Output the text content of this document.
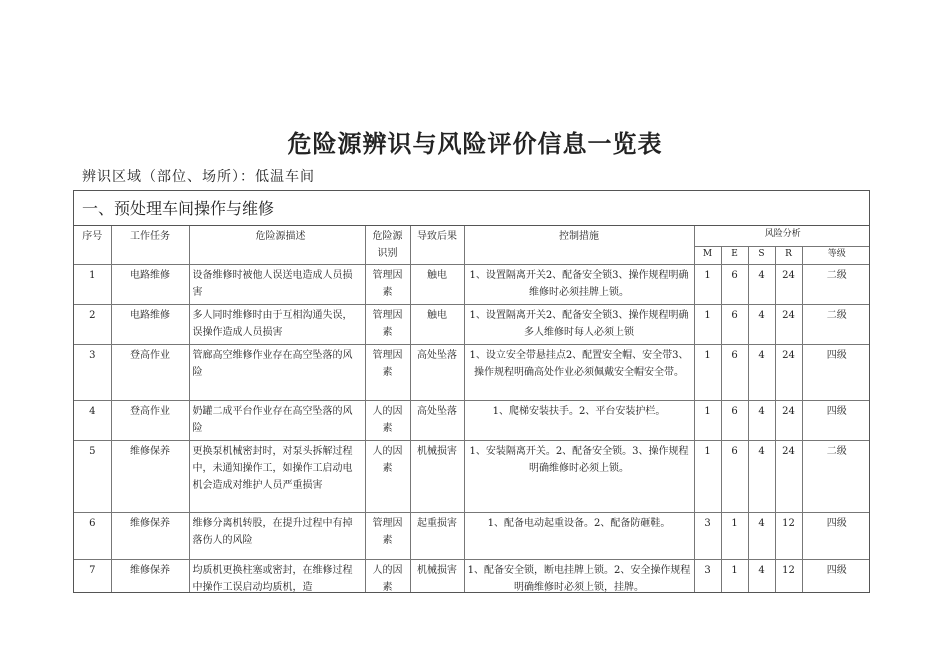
危险源辨识与风险评价信息一览表
辨识区域（部位、场所）：低温车间
一、预处理车间操作与维修
序号	工作任务	危险源描述	危险源识别	导致后果	控制措施	风险分析				
						M	E	S	R	等级
1	电路维修	设备维修时被他人误送电造成人员损害	管理因素	触电	1、设置隔离开关2、配备安全锁3、操作规程明确维修时必须挂牌上锁。	1	6	4	24	二级
2	电路维修	多人同时维修时由于互相沟通失误，误操作造成人员损害	管理因素	触电	1、设置隔离开关2、配备安全锁3、操作规程明确多人维修时每人必须上锁	1	6	4	24	二级
3	登高作业	管廊高空维修作业存在高空坠落的风险	管理因素	高处坠落	1、设立安全带悬挂点2、配置安全帽、安全带3、操作规程明确高处作业必须佩戴安全帽安全带。	1	6	4	24	四级
4	登高作业	奶罐二成平台作业存在高空坠落的风险	人的因素	高处坠落	1、爬梯安装扶手。2、平台安装护栏。	1	6	4	24	四级
5	维修保养	更换泵机械密封时，对泵头拆解过程中，未通知操作工，如操作工启动电机会造成对维护人员严重损害	人的因素	机械损害	1、安装隔离开关。2、配备安全锁。3、操作规程明确维修时必须上锁。	1	6	4	24	二级
6	维修保养	维修分离机转股，在提升过程中有掉落伤人的风险	管理因素	起重损害	1、配备电动起重设备。2、配备防砸鞋。	3	1	4	12	四级
7	维修保养	均质机更换柱塞或密封，在维修过程中操作工误启动均质机，造	人的因素	机械损害	1、配备安全锁，断电挂牌上锁。2、安全操作规程明确维修时必须上锁，挂牌。	3	1	4	12	四级
